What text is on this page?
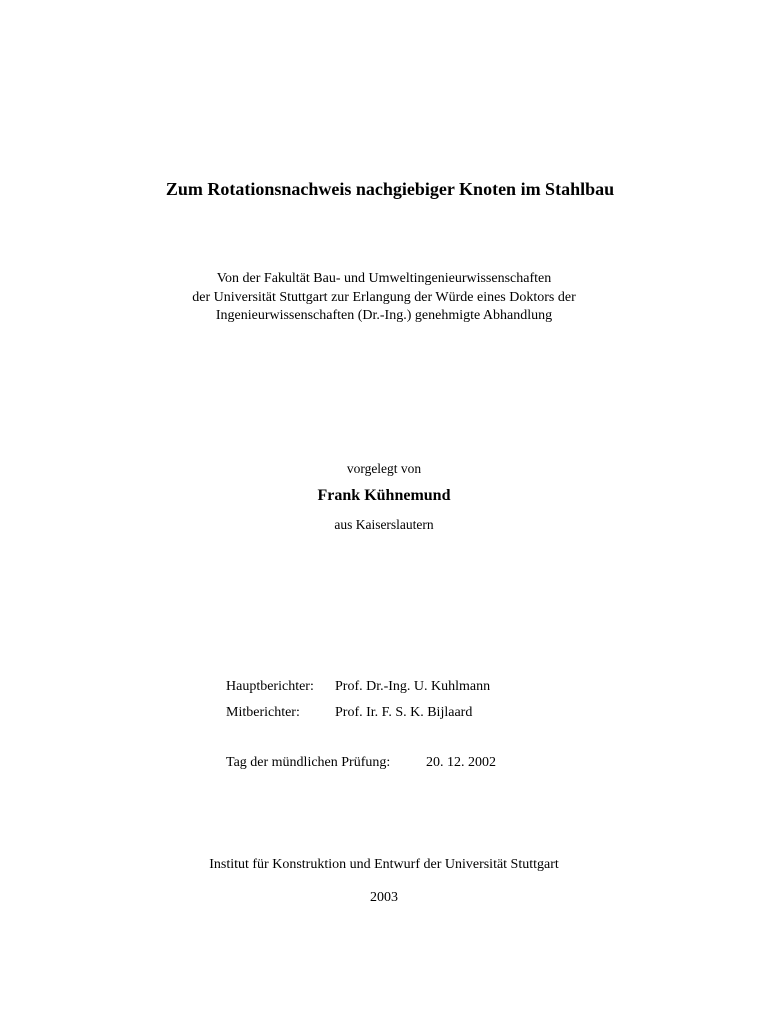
Zum Rotationsnachweis nachgiebiger Knoten im Stahlbau
Von der Fakultät Bau- und Umweltingenieurwissenschaften
der Universität Stuttgart zur Erlangung der Würde eines Doktors der
Ingenieurwissenschaften (Dr.-Ing.) genehmigte Abhandlung
vorgelegt von
Frank Kühnemund
aus Kaiserslautern
Hauptberichter: Prof. Dr.-Ing. U. Kuhlmann
Mitberichter:	Prof. Ir. F. S. K. Bijlaard
Tag der mündlichen Prüfung:	20. 12. 2002
Institut für Konstruktion und Entwurf der Universität Stuttgart
2003
